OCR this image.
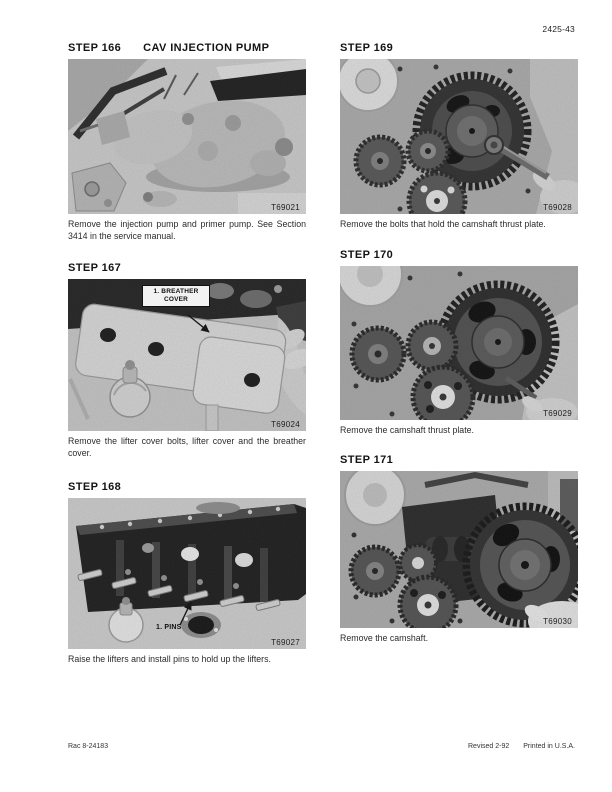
2425-43
STEP 166 CAV INJECTION PUMP
T69021
Remove the injection pump and primer pump. See Section 3414 in the service manual.
STEP 167
1. BREATHER COVER
T69024
Remove the lifter cover bolts, lifter cover and the breather cover.
STEP 168
1. PINS
T69027
Raise the lifters and install pins to hold up the lifters.
STEP 169
T69028
Remove the bolts that hold the camshaft thrust plate.
STEP 170
T69029
Remove the camshaft thrust plate.
STEP 171
T69030
Remove the camshaft.
Rac 8-24183	Revised 2-92 Printed in U.S.A.
